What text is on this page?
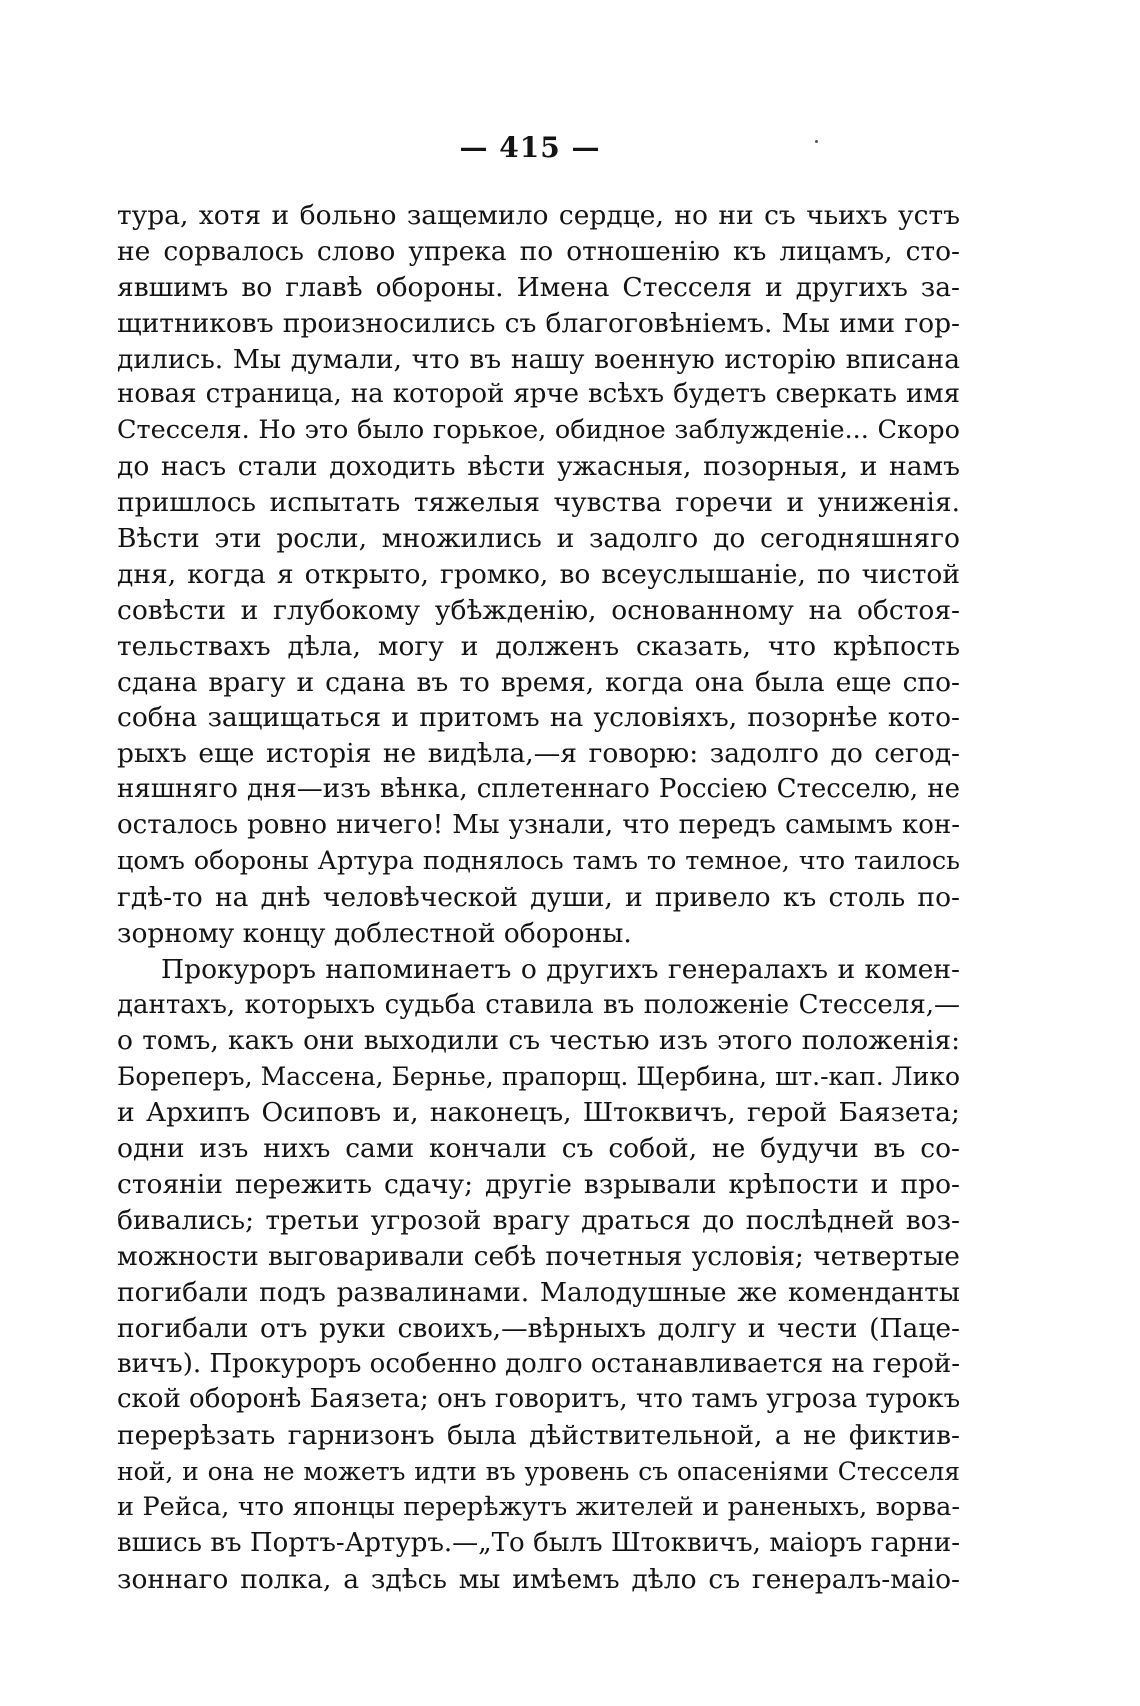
— 415 —
тура, хотя и больно защемило сердце, но ни съ чьихъ устъ
не сорвалось слово упрека по отношенію къ лицамъ, сто-
явшимъ во главѣ обороны. Имена Стесселя и другихъ за-
щитниковъ произносились съ благоговѣніемъ. Мы ими гор-
дились. Мы думали, что въ нашу военную исторію вписана
новая страница, на которой ярче всѣхъ будетъ сверкать имя
Стесселя. Но это было горькое, обидное заблужденіе... Скоро
до насъ стали доходить вѣсти ужасныя, позорныя, и намъ
пришлось испытать тяжелыя чувства горечи и униженія.
Вѣсти эти росли, множились и задолго до сегодняшняго
дня, когда я открыто, громко, во всеуслышаніе, по чистой
совѣсти и глубокому убѣжденію, основанному на обстоя-
тельствахъ дѣла, могу и долженъ сказать, что крѣпость
сдана врагу и сдана въ то время, когда она была еще спо-
собна защищаться и притомъ на условіяхъ, позорнѣе кото-
рыхъ еще исторія не видѣла,—я говорю: задолго до сегод-
няшняго дня—изъ вѣнка, сплетеннаго Россіею Стесселю, не
осталось ровно ничего! Мы узнали, что передъ самымъ кон-
цомъ обороны Артура поднялось тамъ то темное, что таилось
гдѣ-то на днѣ человѣческой души, и привело къ столь по-
зорному концу доблестной обороны.
Прокуроръ напоминаетъ о другихъ генералахъ и комен-
дантахъ, которыхъ судьба ставила въ положеніе Стесселя,—
о томъ, какъ они выходили съ честью изъ этого положенія:
Бореперъ, Массена, Бернье, прапорщ. Щербина, шт.-кап. Лико
и Архипъ Осиповъ и, наконецъ, Штоквичъ, герой Баязета;
одни изъ нихъ сами кончали съ собой, не будучи въ со-
стояніи пережить сдачу; другіе взрывали крѣпости и про-
бивались; третьи угрозой врагу драться до послѣдней воз-
можности выговаривали себѣ почетныя условія; четвертые
погибали подъ развалинами. Малодушные же коменданты
погибали отъ руки своихъ,—вѣрныхъ долгу и чести (Паце-
вичъ). Прокуроръ особенно долго останавливается на герой-
ской оборонѣ Баязета; онъ говоритъ, что тамъ угроза турокъ
перерѣзать гарнизонъ была дѣйствительной, а не фиктив-
ной, и она не можетъ идти въ уровень съ опасеніями Стесселя
и Рейса, что японцы перерѣжутъ жителей и раненыхъ, ворва-
вшись въ Портъ-Артуръ.—„То былъ Штоквичъ, маіоръ гарни-
зоннаго полка, а здѣсь мы имѣемъ дѣло съ генералъ-маіо-
